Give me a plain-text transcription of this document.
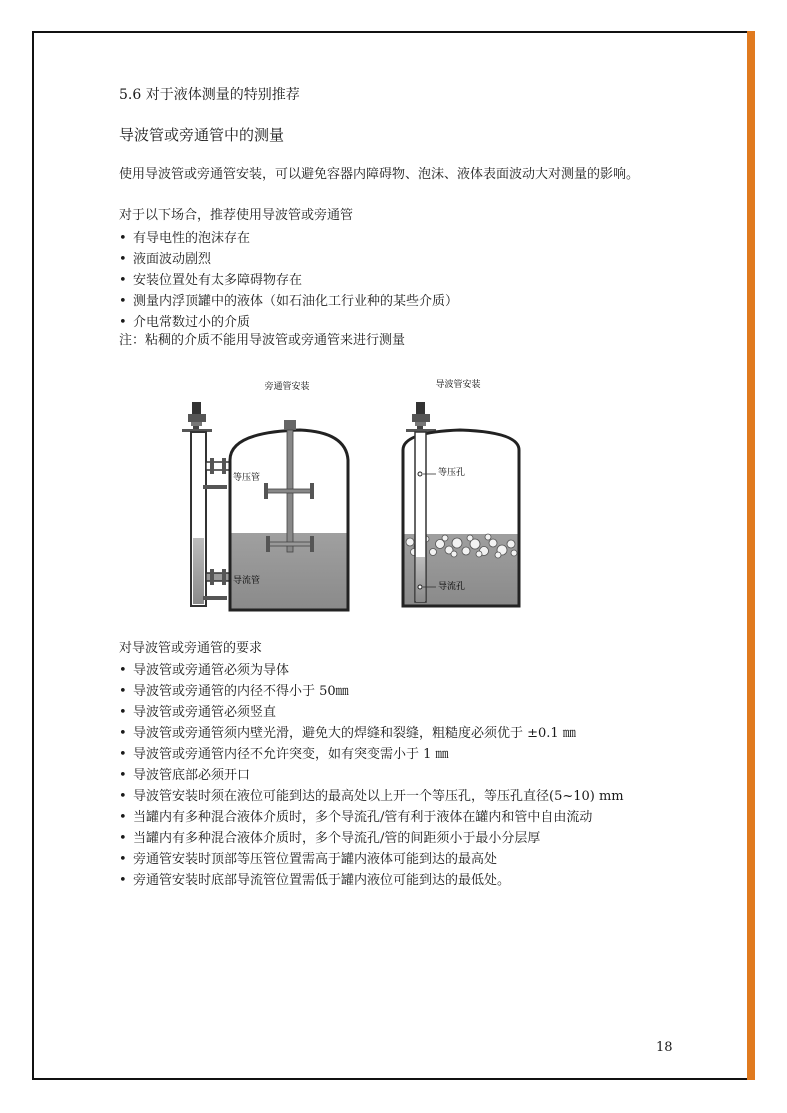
5.6 对于液体测量的特别推荐
导波管或旁通管中的测量
使用导波管或旁通管安装，可以避免容器内障碍物、泡沫、液体表面波动大对测量的影响。
对于以下场合，推荐使用导波管或旁通管
• 有导电性的泡沫存在
• 液面波动剧烈
• 安装位置处有太多障碍物存在
• 测量内浮顶罐中的液体（如石油化工行业种的某些介质）
• 介电常数过小的介质
注：粘稠的介质不能用导波管或旁通管来进行测量
旁通管安装
等压管
导流管
导波管安装
等压孔
导流孔
对导波管或旁通管的要求
• 导波管或旁通管必须为导体
• 导波管或旁通管的内径不得小于 50㎜
• 导波管或旁通管必须竖直
• 导波管或旁通管须内壁光滑，避免大的焊缝和裂缝，粗糙度必须优于 ±0.1 ㎜
• 导波管或旁通管内径不允许突变，如有突变需小于 1 ㎜
• 导波管底部必须开口
• 导波管安装时须在液位可能到达的最高处以上开一个等压孔，等压孔直径(5~10) mm
• 当罐内有多种混合液体介质时，多个导流孔/管有利于液体在罐内和管中自由流动
• 当罐内有多种混合液体介质时，多个导流孔/管的间距须小于最小分层厚
• 旁通管安装时顶部等压管位置需高于罐内液体可能到达的最高处
• 旁通管安装时底部导流管位置需低于罐内液位可能到达的最低处。
18
